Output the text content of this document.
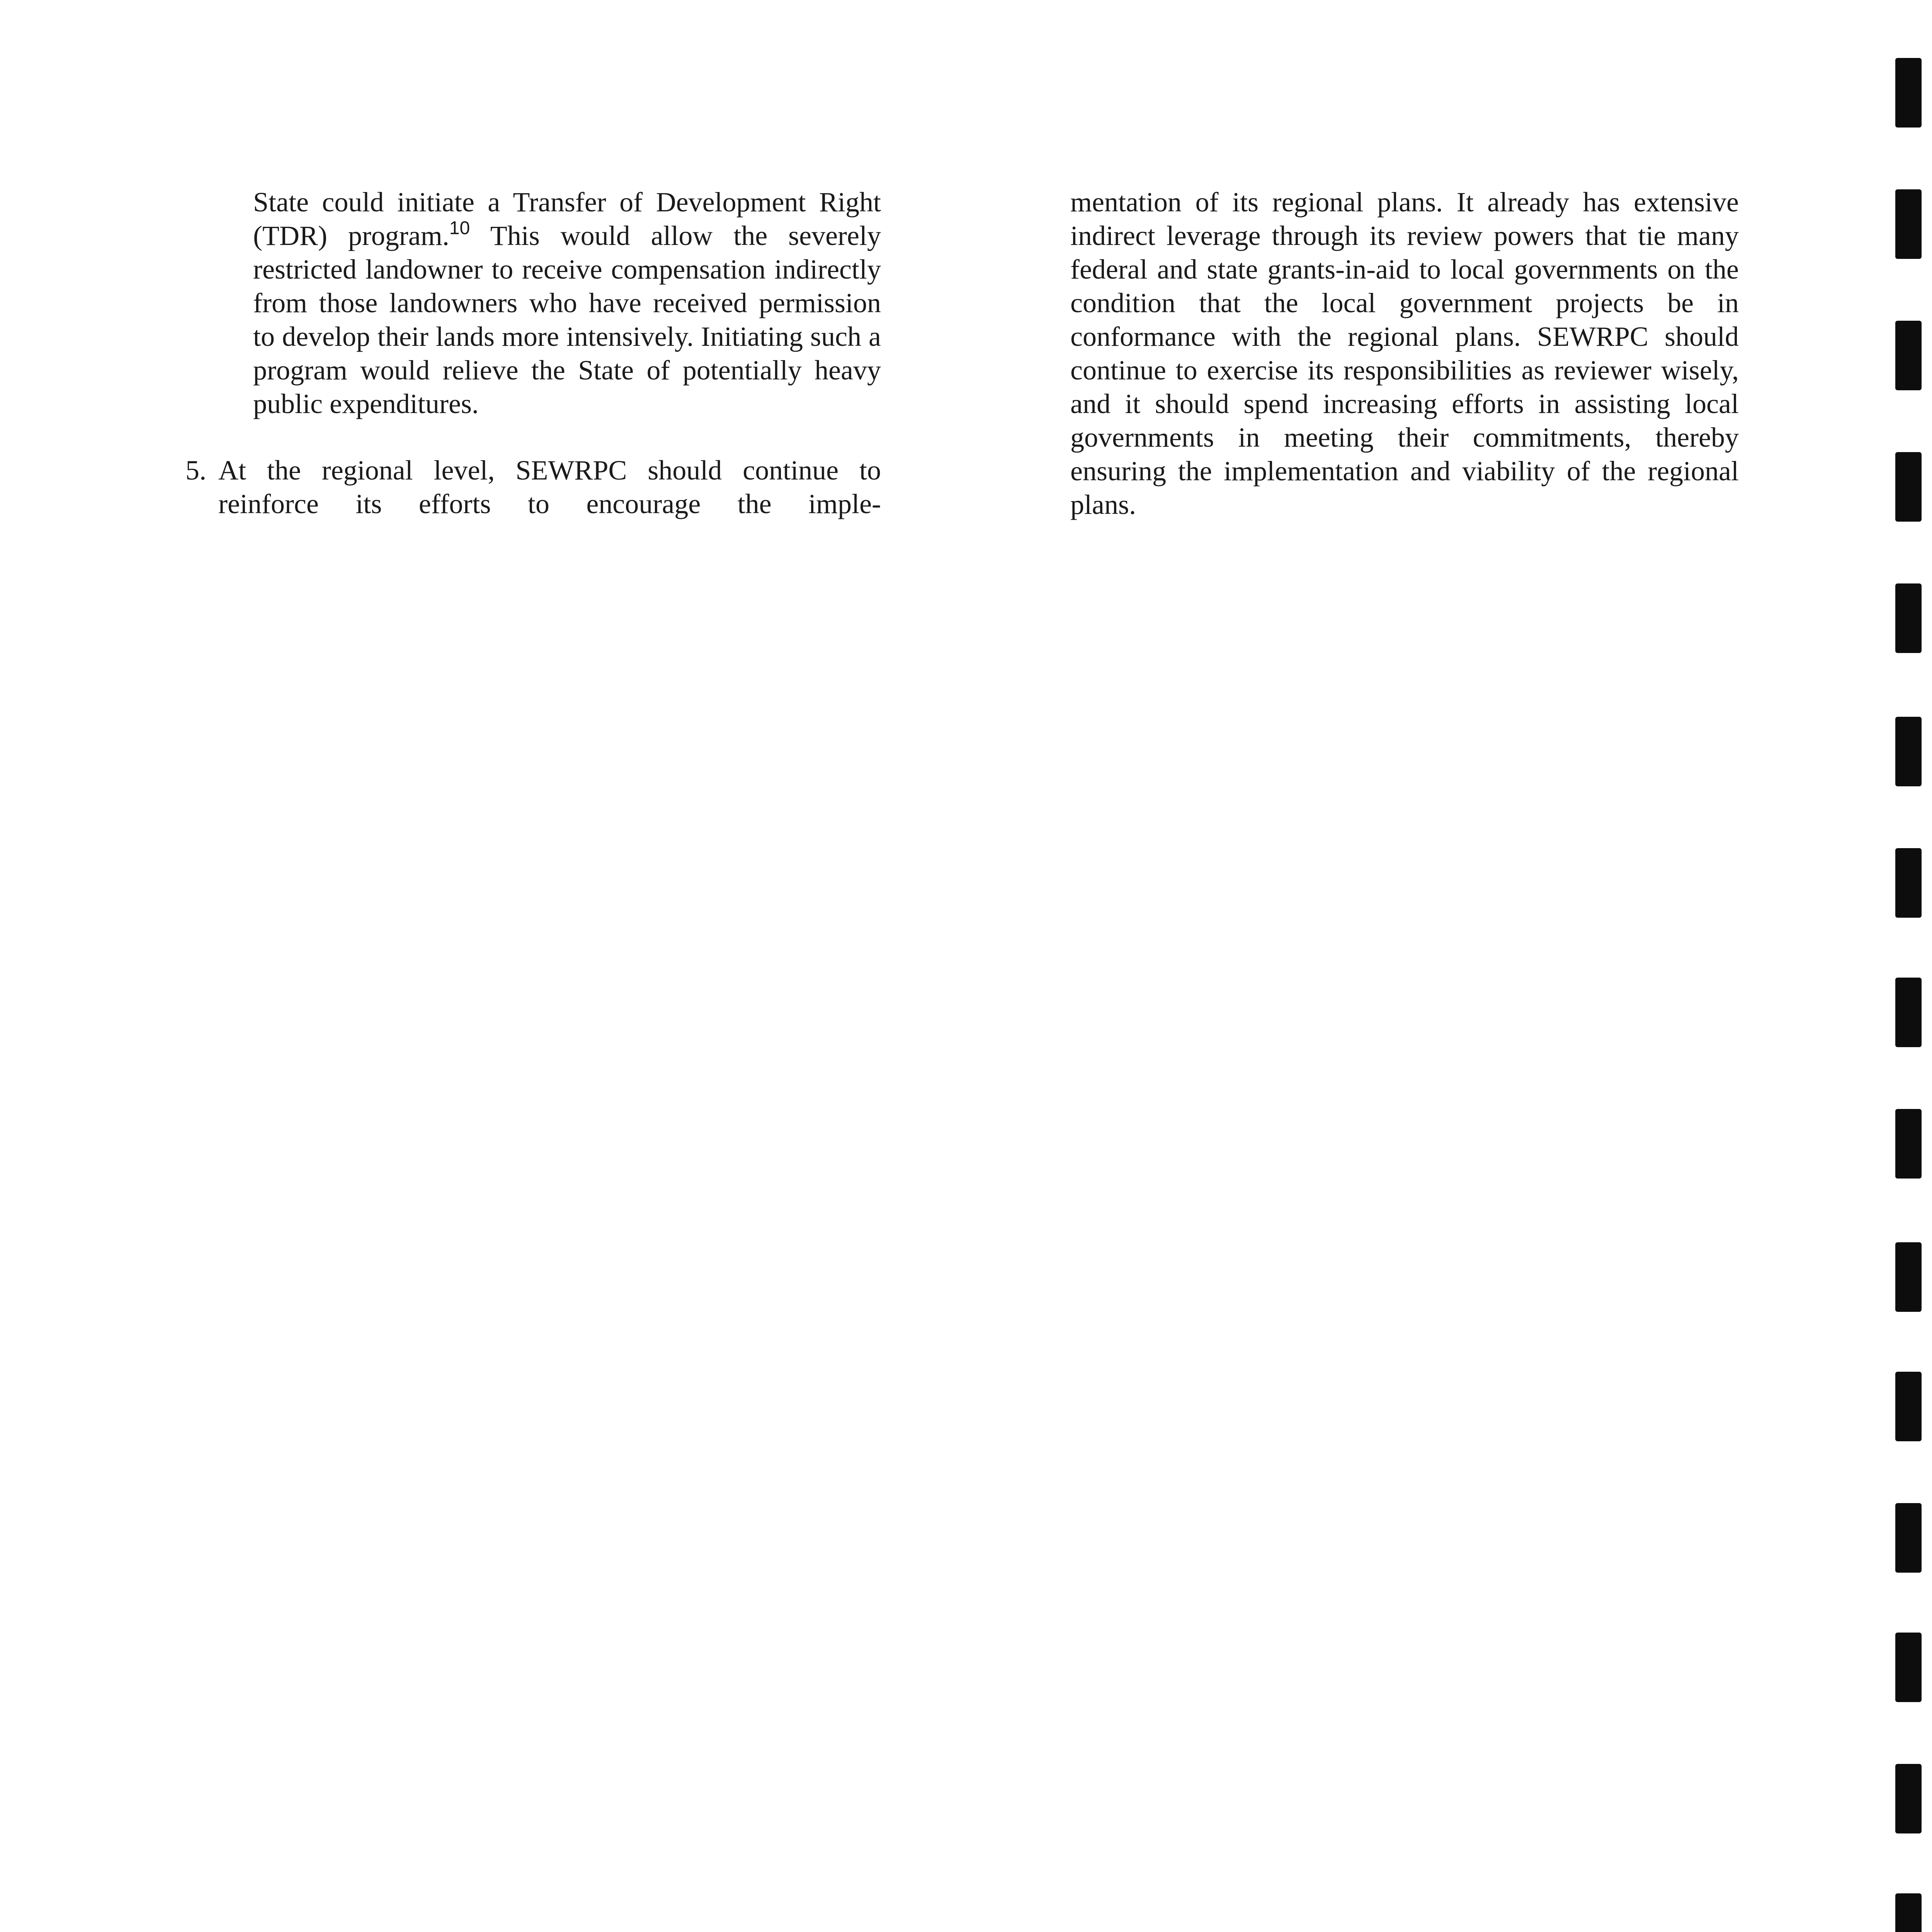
State could initiate a Transfer of Development Right (TDR) program.$^{10}$ This would allow the severely restricted landowner to receive compensation indirectly from those landowners who have received permission to develop their lands more intensively. Initiating such a program would relieve the State of potentially heavy public expenditures.

5. At the regional level, SEWRPC should continue to reinforce its efforts to encourage the imple-

mentation of its regional plans. It already has extensive indirect leverage through its review powers that tie many federal and state grants-in-aid to local governments on the condition that the local government projects be in conformance with the regional plans. SEWRPC should continue to exercise its responsibilities as reviewer wisely, and it should spend increasing efforts in assisting local governments in meeting their commitments, thereby ensuring the implementation and viability of the regional plans.
